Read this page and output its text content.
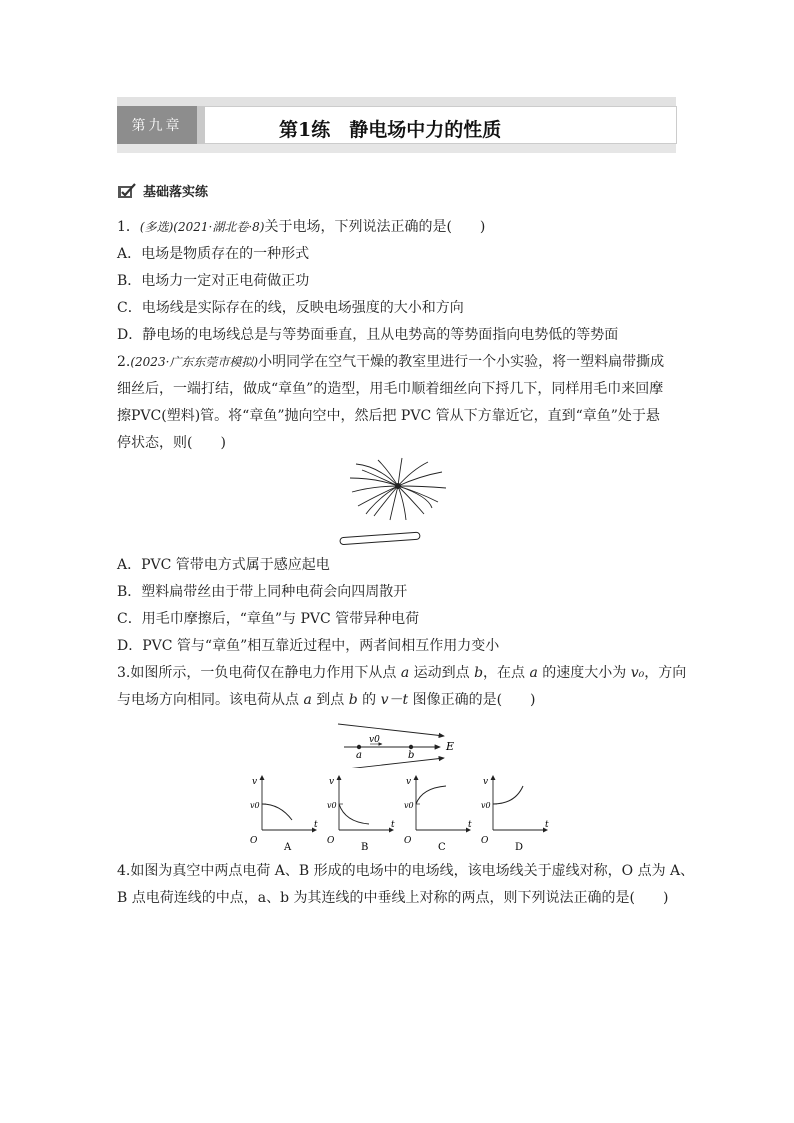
第九章	第1练　静电场中力的性质
基础落实练
1．(多选)(2021·湖北卷·8)关于电场，下列说法正确的是(　　)
A．电场是物质存在的一种形式
B．电场力一定对正电荷做正功
C．电场线是实际存在的线，反映电场强度的大小和方向
D．静电场的电场线总是与等势面垂直，且从电势高的等势面指向电势低的等势面
2.(2023·广东东莞市模拟)小明同学在空气干燥的教室里进行一个小实验，将一塑料扁带撕成
细丝后，一端打结，做成“章鱼”的造型，用毛巾顺着细丝向下捋几下，同样用毛巾来回摩
擦PVC(塑料)管。将“章鱼”抛向空中，然后把 PVC 管从下方靠近它，直到“章鱼”处于悬
停状态，则(　　)
A．PVC 管带电方式属于感应起电
B．塑料扁带丝由于带上同种电荷会向四周散开
C．用毛巾摩擦后，“章鱼”与 PVC 管带异种电荷
D．PVC 管与“章鱼”相互靠近过程中，两者间相互作用力变小
3.如图所示，一负电荷仅在静电力作用下从点 a 运动到点 b，在点 a 的速度大小为 v₀，方向
与电场方向相同。该电荷从点 a 到点 b 的 v－t 图像正确的是(　　)
v0
a	b
E
v
v0
O
t
A
v
v0
O
t
B
v
v0
O
t
C
v
v0
O
t
D
4.如图为真空中两点电荷 A、B 形成的电场中的电场线，该电场线关于虚线对称，O 点为 A、
B 点电荷连线的中点，a、b 为其连线的中垂线上对称的两点，则下列说法正确的是(　　)
